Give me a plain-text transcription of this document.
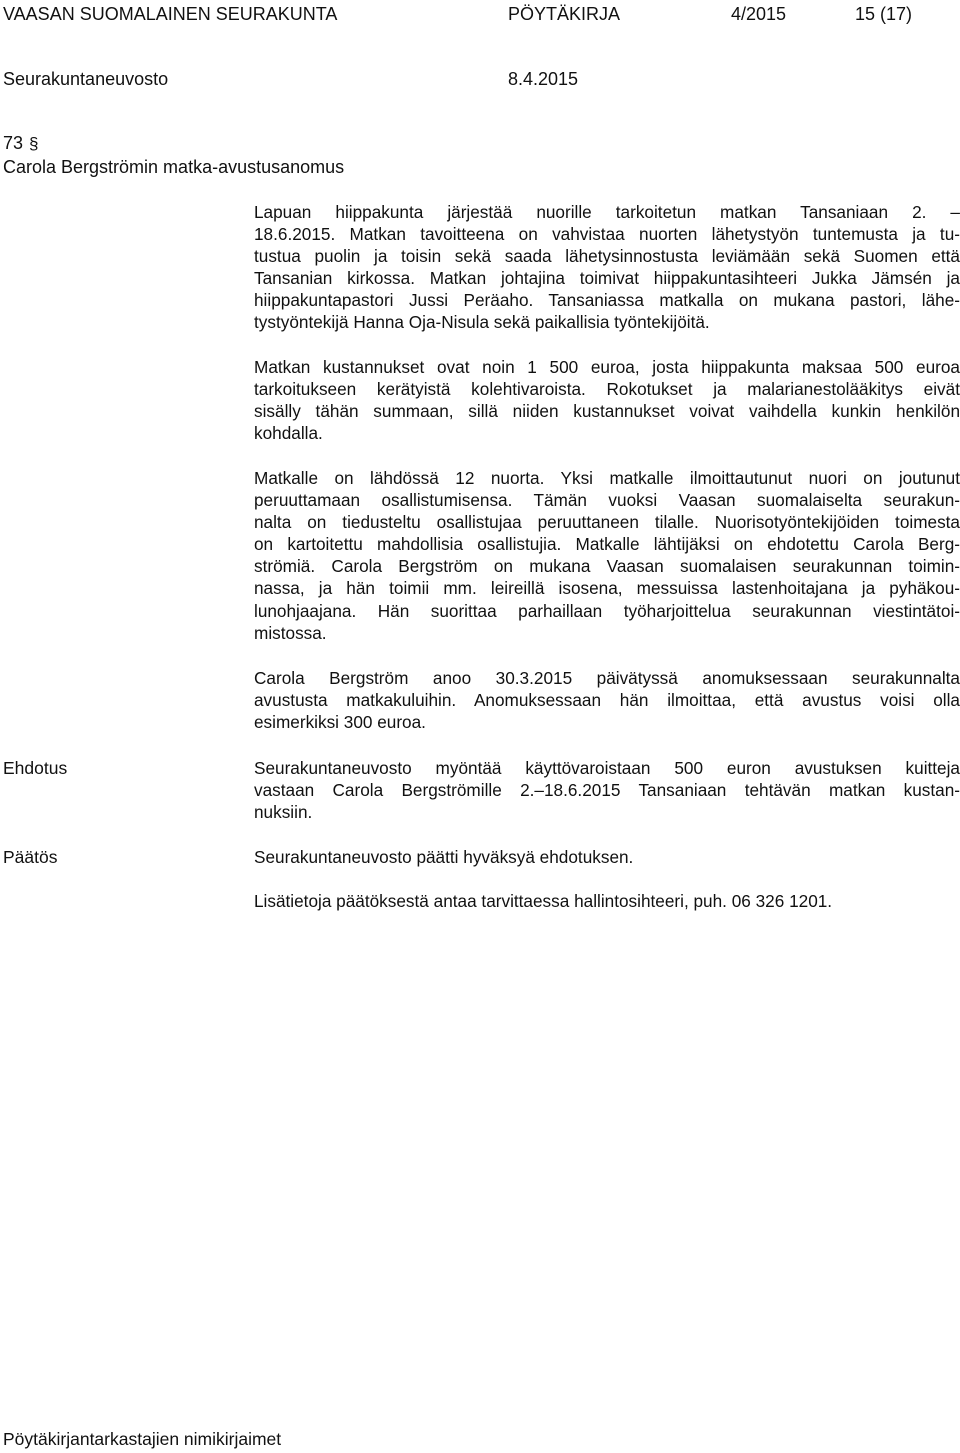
VAASAN SUOMALAINEN SEURAKUNTA	PÖYTÄKIRJA	4/2015	15 (17)
Seurakuntaneuvosto	8.4.2015
73 §
Carola Bergströmin matka-avustusanomus
Lapuan hiippakunta järjestää nuorille tarkoitetun matkan Tansaniaan 2. –
18.6.2015. Matkan tavoitteena on vahvistaa nuorten lähetystyön tuntemusta ja tu-
tustua puolin ja toisin sekä saada lähetysinnostusta leviämään sekä Suomen että
Tansanian kirkossa. Matkan johtajina toimivat hiippakuntasihteeri Jukka Jämsén ja
hiippakuntapastori Jussi Peräaho. Tansaniassa matkalla on mukana pastori, lähe-
tystyöntekijä Hanna Oja-Nisula sekä paikallisia työntekijöitä.
Matkan kustannukset ovat noin 1 500 euroa, josta hiippakunta maksaa 500 euroa
tarkoitukseen kerätyistä kolehtivaroista. Rokotukset ja malarianestolääkitys eivät
sisälly tähän summaan, sillä niiden kustannukset voivat vaihdella kunkin henkilön
kohdalla.
Matkalle on lähdössä 12 nuorta. Yksi matkalle ilmoittautunut nuori on joutunut
peruuttamaan osallistumisensa. Tämän vuoksi Vaasan suomalaiselta seurakun-
nalta on tiedusteltu osallistujaa peruuttaneen tilalle. Nuorisotyöntekijöiden toimesta
on kartoitettu mahdollisia osallistujia. Matkalle lähtijäksi on ehdotettu Carola Berg-
strömiä. Carola Bergström on mukana Vaasan suomalaisen seurakunnan toimin-
nassa, ja hän toimii mm. leireillä isosena, messuissa lastenhoitajana ja pyhäkou-
lunohjaajana. Hän suorittaa parhaillaan työharjoittelua seurakunnan viestintätoi-
mistossa.
Carola Bergström anoo 30.3.2015 päivätyssä anomuksessaan seurakunnalta
avustusta matkakuluihin. Anomuksessaan hän ilmoittaa, että avustus voisi olla
esimerkiksi 300 euroa.
Ehdotus	Seurakuntaneuvosto myöntää käyttövaroistaan 500 euron avustuksen kuitteja
vastaan Carola Bergströmille 2.–18.6.2015 Tansaniaan tehtävän matkan kustan-
nuksiin.
Päätös	Seurakuntaneuvosto päätti hyväksyä ehdotuksen.
Lisätietoja päätöksestä antaa tarvittaessa hallintosihteeri, puh. 06 326 1201.
Pöytäkirjantarkastajien nimikirjaimet
